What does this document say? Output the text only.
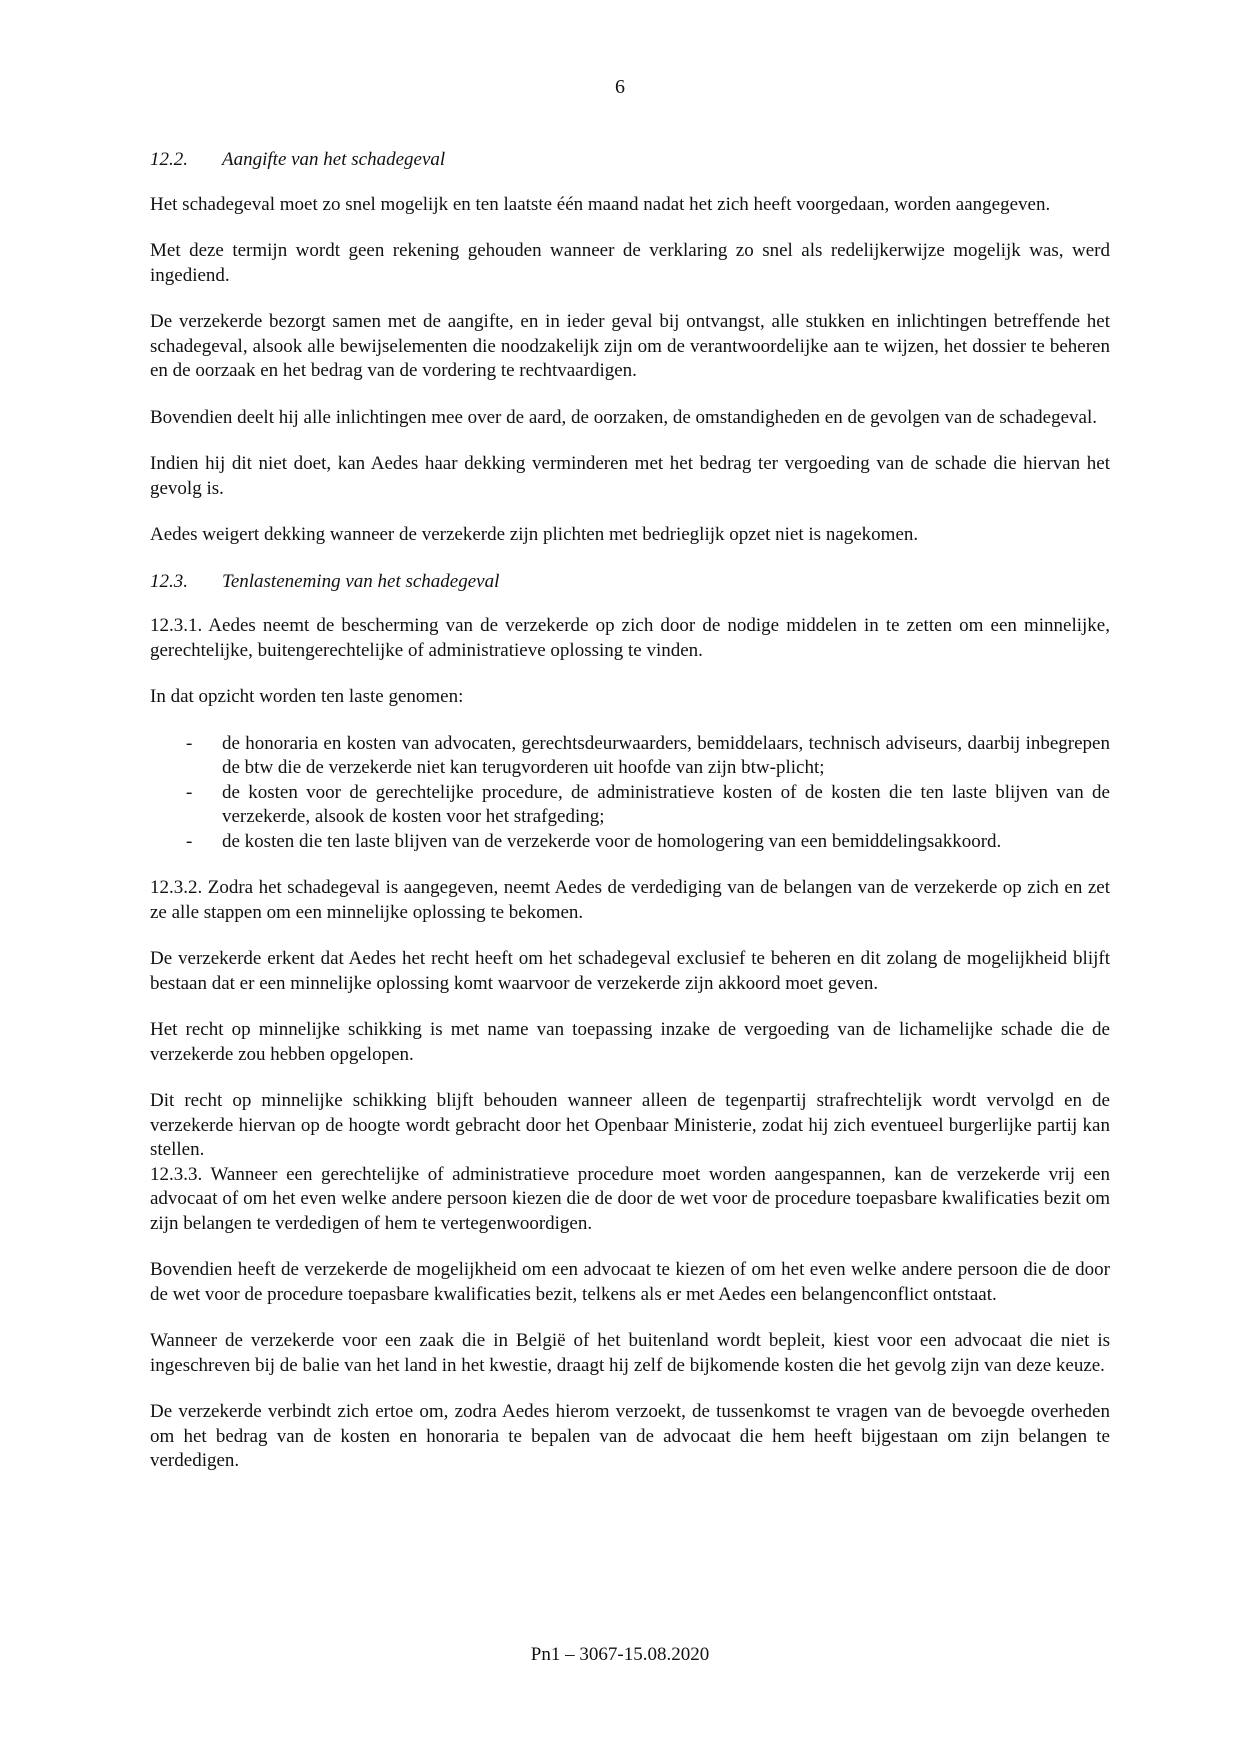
6
12.2. Aangifte van het schadegeval

Het schadegeval moet zo snel mogelijk en ten laatste één maand nadat het zich heeft voorgedaan, worden aangegeven.

Met deze termijn wordt geen rekening gehouden wanneer de verklaring zo snel als redelijkerwijze mogelijk was, werd ingediend.

De verzekerde bezorgt samen met de aangifte, en in ieder geval bij ontvangst, alle stukken en inlichtingen betreffende het schadegeval, alsook alle bewijselementen die noodzakelijk zijn om de verantwoordelijke aan te wijzen, het dossier te beheren en de oorzaak en het bedrag van de vordering te rechtvaardigen.

Bovendien deelt hij alle inlichtingen mee over de aard, de oorzaken, de omstandigheden en de gevolgen van de schadegeval.

Indien hij dit niet doet, kan Aedes haar dekking verminderen met het bedrag ter vergoeding van de schade die hiervan het gevolg is.

Aedes weigert dekking wanneer de verzekerde zijn plichten met bedrieglijk opzet niet is nagekomen.

12.3. Tenlasteneming van het schadegeval

12.3.1. Aedes neemt de bescherming van de verzekerde op zich door de nodige middelen in te zetten om een minnelijke, gerechtelijke, buitengerechtelijke of administratieve oplossing te vinden.

In dat opzicht worden ten laste genomen:

- de honoraria en kosten van advocaten, gerechtsdeurwaarders, bemiddelaars, technisch adviseurs, daarbij inbegrepen de btw die de verzekerde niet kan terugvorderen uit hoofde van zijn btw-plicht;
- de kosten voor de gerechtelijke procedure, de administratieve kosten of de kosten die ten laste blijven van de verzekerde, alsook de kosten voor het strafgeding;
- de kosten die ten laste blijven van de verzekerde voor de homologering van een bemiddelingsakkoord.

12.3.2. Zodra het schadegeval is aangegeven, neemt Aedes de verdediging van de belangen van de verzekerde op zich en zet ze alle stappen om een minnelijke oplossing te bekomen.

De verzekerde erkent dat Aedes het recht heeft om het schadegeval exclusief te beheren en dit zolang de mogelijkheid blijft bestaan dat er een minnelijke oplossing komt waarvoor de verzekerde zijn akkoord moet geven.

Het recht op minnelijke schikking is met name van toepassing inzake de vergoeding van de lichamelijke schade die de verzekerde zou hebben opgelopen.

Dit recht op minnelijke schikking blijft behouden wanneer alleen de tegenpartij strafrechtelijk wordt vervolgd en de verzekerde hiervan op de hoogte wordt gebracht door het Openbaar Ministerie, zodat hij zich eventueel burgerlijke partij kan stellen.

12.3.3. Wanneer een gerechtelijke of administratieve procedure moet worden aangespannen, kan de verzekerde vrij een advocaat of om het even welke andere persoon kiezen die de door de wet voor de procedure toepasbare kwalificaties bezit om zijn belangen te verdedigen of hem te vertegenwoordigen.

Bovendien heeft de verzekerde de mogelijkheid om een advocaat te kiezen of om het even welke andere persoon die de door de wet voor de procedure toepasbare kwalificaties bezit, telkens als er met Aedes een belangenconflict ontstaat.

Wanneer de verzekerde voor een zaak die in België of het buitenland wordt bepleit, kiest voor een advocaat die niet is ingeschreven bij de balie van het land in het kwestie, draagt hij zelf de bijkomende kosten die het gevolg zijn van deze keuze.

De verzekerde verbindt zich ertoe om, zodra Aedes hierom verzoekt, de tussenkomst te vragen van de bevoegde overheden om het bedrag van de kosten en honoraria te bepalen van de advocaat die hem heeft bijgestaan om zijn belangen te verdedigen.

Pn1 – 3067-15.08.2020
